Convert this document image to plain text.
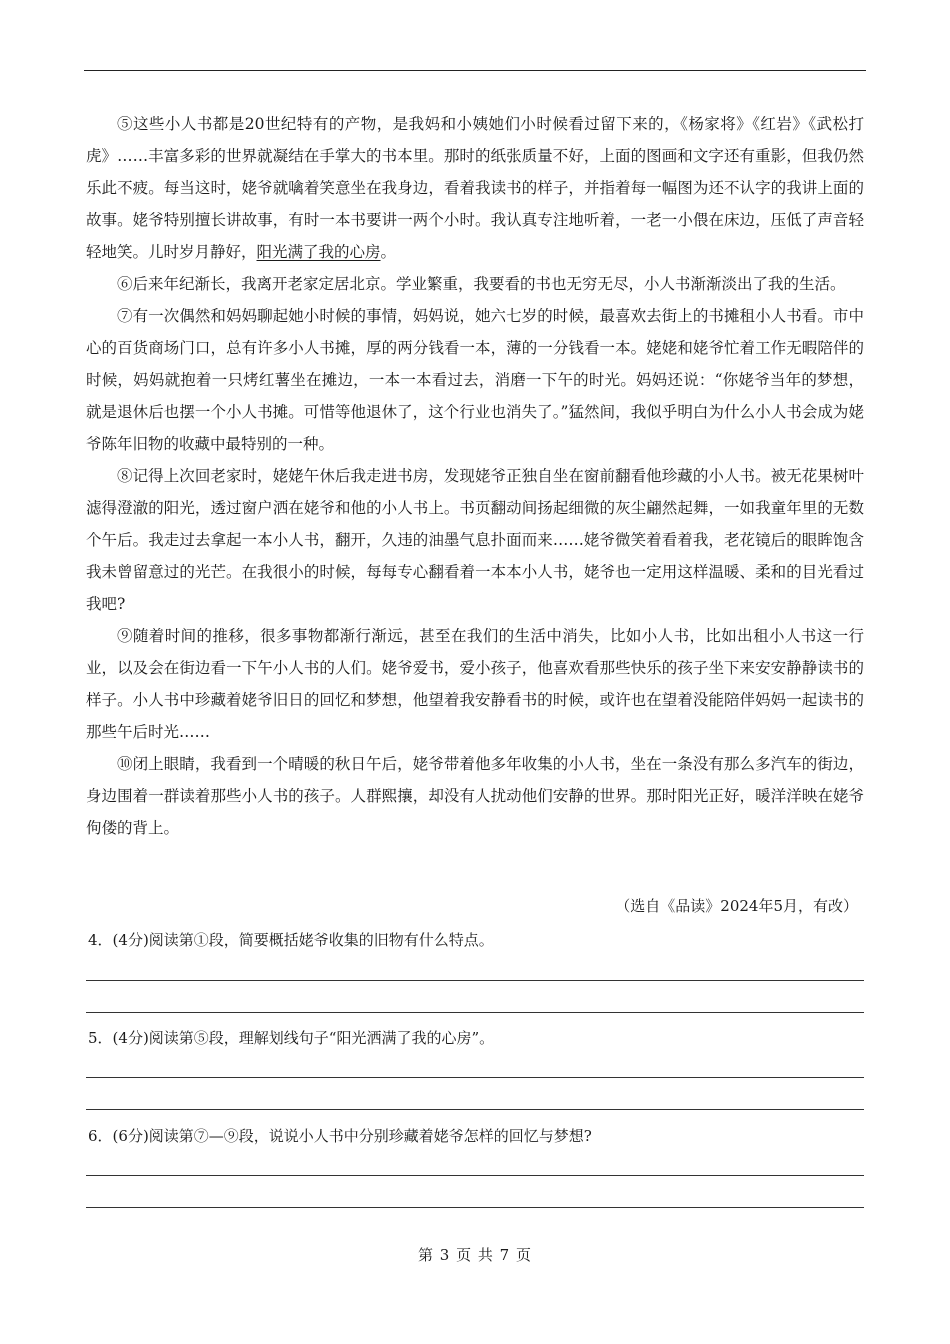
⑤这些小人书都是20世纪特有的产物，是我妈和小姨她们小时候看过留下来的，《杨家将》《红岩》《武松打虎》……丰富多彩的世界就凝结在手掌大的书本里。那时的纸张质量不好，上面的图画和文字还有重影，但我仍然乐此不疲。每当这时，姥爷就噙着笑意坐在我身边，看着我读书的样子，并指着每一幅图为还不认字的我讲上面的故事。姥爷特别擅长讲故事，有时一本书要讲一两个小时。我认真专注地听着，一老一小偎在床边，压低了声音轻轻地笑。儿时岁月静好，阳光满了我的心房。

⑥后来年纪渐长，我离开老家定居北京。学业繁重，我要看的书也无穷无尽，小人书渐渐淡出了我的生活。

⑦有一次偶然和妈妈聊起她小时候的事情，妈妈说，她六七岁的时候，最喜欢去街上的书摊租小人书看。市中心的百货商场门口，总有许多小人书摊，厚的两分钱看一本，薄的一分钱看一本。姥姥和姥爷忙着工作无暇陪伴的时候，妈妈就抱着一只烤红薯坐在摊边，一本一本看过去，消磨一下午的时光。妈妈还说：“你姥爷当年的梦想，就是退休后也摆一个小人书摊。可惜等他退休了，这个行业也消失了。”猛然间，我似乎明白为什么小人书会成为姥爷陈年旧物的收藏中最特别的一种。

⑧记得上次回老家时，姥姥午休后我走进书房，发现姥爷正独自坐在窗前翻看他珍藏的小人书。被无花果树叶滤得澄澈的阳光，透过窗户洒在姥爷和他的小人书上。书页翻动间扬起细微的灰尘翩然起舞，一如我童年里的无数个午后。我走过去拿起一本小人书，翻开，久违的油墨气息扑面而来……姥爷微笑着看着我，老花镜后的眼眸饱含我未曾留意过的光芒。在我很小的时候，每每专心翻看着一本本小人书，姥爷也一定用这样温暖、柔和的目光看过我吧?

⑨随着时间的推移，很多事物都渐行渐远，甚至在我们的生活中消失，比如小人书，比如出租小人书这一行业，以及会在街边看一下午小人书的人们。姥爷爱书，爱小孩子，他喜欢看那些快乐的孩子坐下来安安静静读书的样子。小人书中珍藏着姥爷旧日的回忆和梦想，他望着我安静看书的时候，或许也在望着没能陪伴妈妈一起读书的那些午后时光……

⑩闭上眼睛，我看到一个晴暖的秋日午后，姥爷带着他多年收集的小人书，坐在一条没有那么多汽车的街边，身边围着一群读着那些小人书的孩子。人群熙攘，却没有人扰动他们安静的世界。那时阳光正好，暖洋洋映在姥爷佝偻的背上。

（选自《品读》2024年5月，有改）
4．(4分)阅读第①段，简要概括姥爷收集的旧物有什么特点。
5．(4分)阅读第⑤段，理解划线句子“阳光洒满了我的心房”。
6．(6分)阅读第⑦—⑨段，说说小人书中分别珍藏着姥爷怎样的回忆与梦想?
第 3 页 共 7 页
